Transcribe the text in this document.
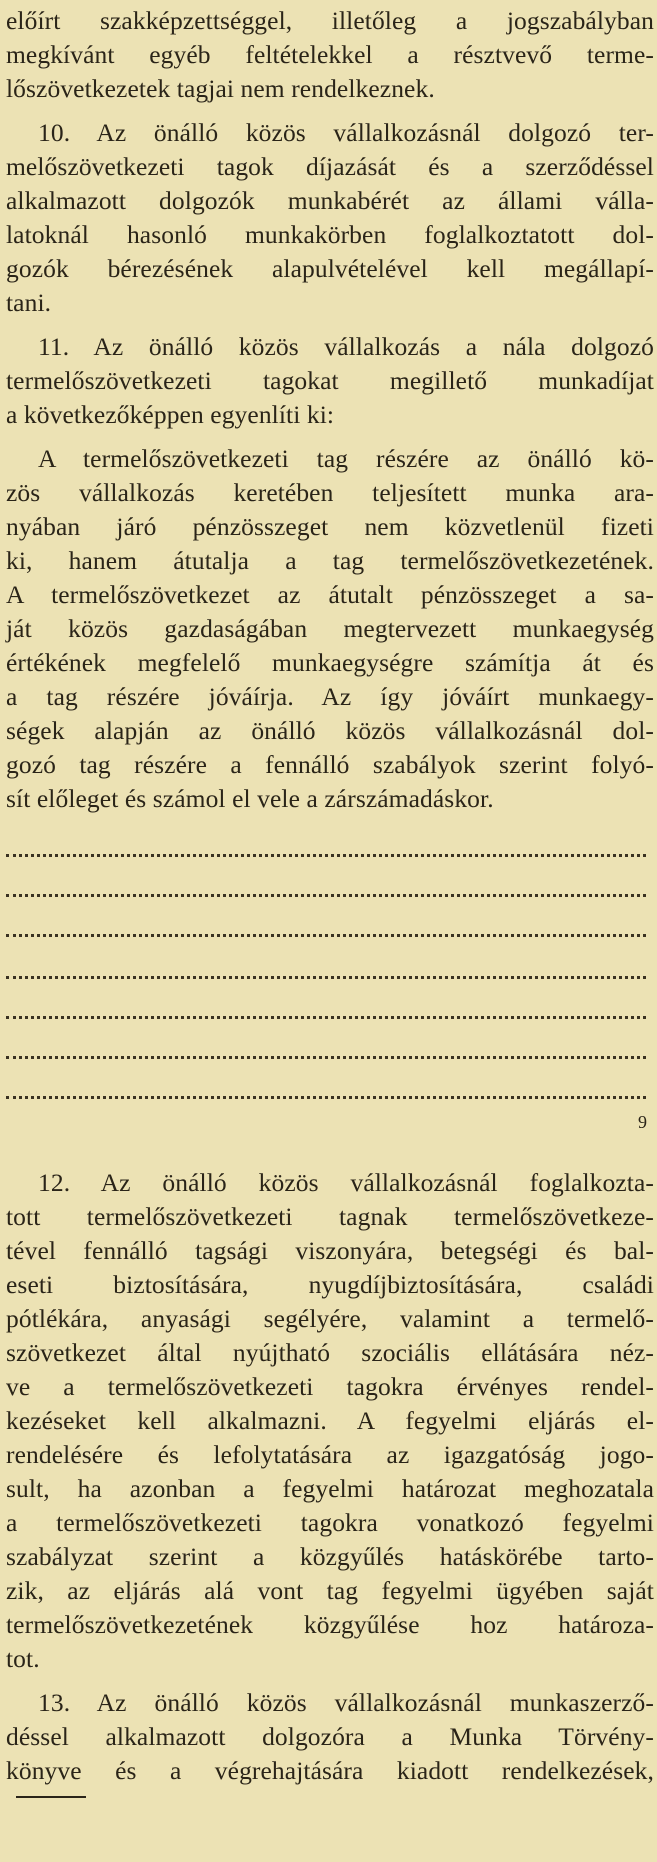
előírt szakképzettséggel, illetőleg a jogszabályban
megkívánt egyéb feltételekkel a résztvevő terme-
lőszövetkezetek tagjai nem rendelkeznek.
10. Az önálló közös vállalkozásnál dolgozó ter-
melőszövetkezeti tagok díjazását és a szerződéssel
alkalmazott dolgozók munkabérét az állami válla-
latoknál hasonló munkakörben foglalkoztatott dol-
gozók bérezésének alapulvételével kell megállapí-
tani.
11. Az önálló közös vállalkozás a nála dolgozó
termelőszövetkezeti tagokat megillető munkadíjat
a következőképpen egyenlíti ki:
A termelőszövetkezeti tag részére az önálló kö-
zös vállalkozás keretében teljesített munka ara-
nyában járó pénzösszeget nem közvetlenül fizeti
ki, hanem átutalja a tag termelőszövetkezetének.
A termelőszövetkezet az átutalt pénzösszeget a sa-
ját közös gazdaságában megtervezett munkaegység
értékének megfelelő munkaegységre számítja át és
a tag részére jóváírja. Az így jóváírt munkaegy-
ségek alapján az önálló közös vállalkozásnál dol-
gozó tag részére a fennálló szabályok szerint folyó-
sít előleget és számol el vele a zárszámadáskor.
9
12. Az önálló közös vállalkozásnál foglalkozta-
tott termelőszövetkezeti tagnak termelőszövetkeze-
tével fennálló tagsági viszonyára, betegségi és bal-
eseti biztosítására, nyugdíjbiztosítására, családi
pótlékára, anyasági segélyére, valamint a termelő-
szövetkezet által nyújtható szociális ellátására néz-
ve a termelőszövetkezeti tagokra érvényes rendel-
kezéseket kell alkalmazni. A fegyelmi eljárás el-
rendelésére és lefolytatására az igazgatóság jogo-
sult, ha azonban a fegyelmi határozat meghozatala
a termelőszövetkezeti tagokra vonatkozó fegyelmi
szabályzat szerint a közgyűlés hatáskörébe tarto-
zik, az eljárás alá vont tag fegyelmi ügyében saját
termelőszövetkezetének közgyűlése hoz határoza-
tot.
13. Az önálló közös vállalkozásnál munkaszerző-
déssel alkalmazott dolgozóra a Munka Törvény-
könyve és a végrehajtására kiadott rendelkezések,
